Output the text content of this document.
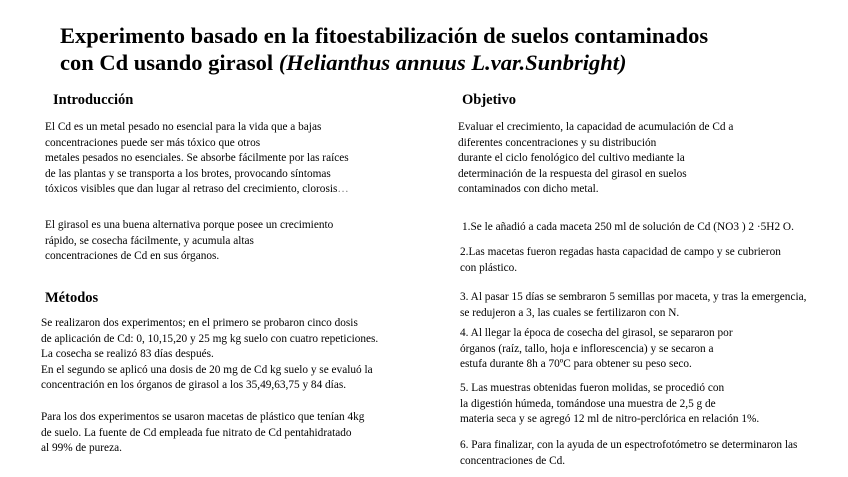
Experimento basado en la fitoestabilización de suelos contaminados
con Cd usando girasol (Helianthus annuus L.var.Sunbright)
Introducción
El Cd es un metal pesado no esencial para la vida que a bajas
concentraciones puede ser más tóxico que otros
metales pesados no esenciales. Se absorbe fácilmente por las raíces
de las plantas y se transporta a los brotes, provocando síntomas
tóxicos visibles que dan lugar al retraso del crecimiento, clorosis…
El girasol es una buena alternativa porque posee un crecimiento
rápido, se cosecha fácilmente, y acumula altas
concentraciones de Cd en sus órganos.
Métodos
Se realizaron dos experimentos; en el primero se probaron cinco dosis
de aplicación de Cd: 0, 10,15,20 y 25 mg kg suelo con cuatro repeticiones.
La cosecha se realizó 83 días después.
En el segundo se aplicó una dosis de 20 mg de Cd kg suelo y se evaluó la
concentración en los órganos de girasol a los 35,49,63,75 y 84 días.
Para los dos experimentos se usaron macetas de plástico que tenían 4kg
de suelo. La fuente de Cd empleada fue nitrato de Cd pentahidratado
al 99% de pureza.
Objetivo
Evaluar el crecimiento, la capacidad de acumulación de Cd a
diferentes concentraciones y su distribución
durante el ciclo fenológico del cultivo mediante la
determinación de la respuesta del girasol en suelos
contaminados con dicho metal.
1.Se le añadió a cada maceta 250 ml de solución de Cd (NO3 ) 2 ·5H2 O.
2.Las macetas fueron regadas hasta capacidad de campo y se cubrieron
con plástico.
3. Al pasar 15 días se sembraron 5 semillas por maceta, y tras la emergencia,
se redujeron a 3, las cuales se fertilizaron con N.
4. Al llegar la época de cosecha del girasol, se separaron por
órganos (raíz, tallo, hoja e inflorescencia) y se secaron a
estufa durante 8h a 70ºC para obtener su peso seco.
5. Las muestras obtenidas fueron molidas, se procedió con
la digestión húmeda, tomándose una muestra de 2,5 g de
materia seca y se agregó 12 ml de nitro-perclórica en relación 1%.
6. Para finalizar, con la ayuda de un espectrofotómetro se determinaron las
concentraciones de Cd.
